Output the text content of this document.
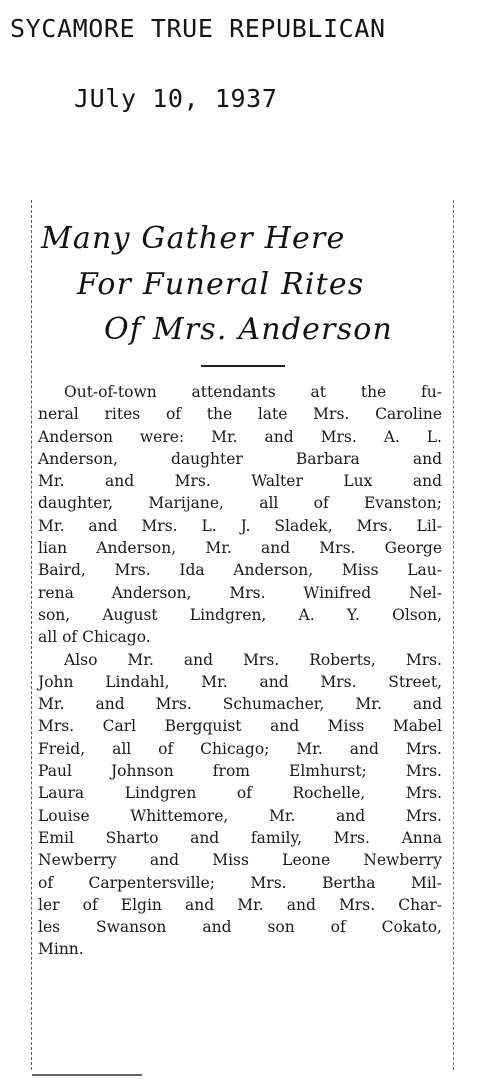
SYCAMORE TRUE REPUBLICAN
JUly 10, 1937
Many Gather Here
For Funeral Rites
Of Mrs. Anderson
Out-of-town attendants at the fu-
neral rites of the late Mrs. Caroline
Anderson were: Mr. and Mrs. A. L.
Anderson, daughter Barbara and
Mr. and Mrs. Walter Lux and
daughter, Marijane, all of Evanston;
Mr. and Mrs. L. J. Sladek, Mrs. Lil-
lian Anderson, Mr. and Mrs. George
Baird, Mrs. Ida Anderson, Miss Lau-
rena Anderson, Mrs. Winifred Nel-
son, August Lindgren, A. Y. Olson,
all of Chicago.
Also Mr. and Mrs. Roberts, Mrs.
John Lindahl, Mr. and Mrs. Street,
Mr. and Mrs. Schumacher, Mr. and
Mrs. Carl Bergquist and Miss Mabel
Freid, all of Chicago; Mr. and Mrs.
Paul Johnson from Elmhurst; Mrs.
Laura Lindgren of Rochelle, Mrs.
Louise Whittemore, Mr. and Mrs.
Emil Sharto and family, Mrs. Anna
Newberry and Miss Leone Newberry
of Carpentersville; Mrs. Bertha Mil-
ler of Elgin and Mr. and Mrs. Char-
les Swanson and son of Cokato,
Minn.
